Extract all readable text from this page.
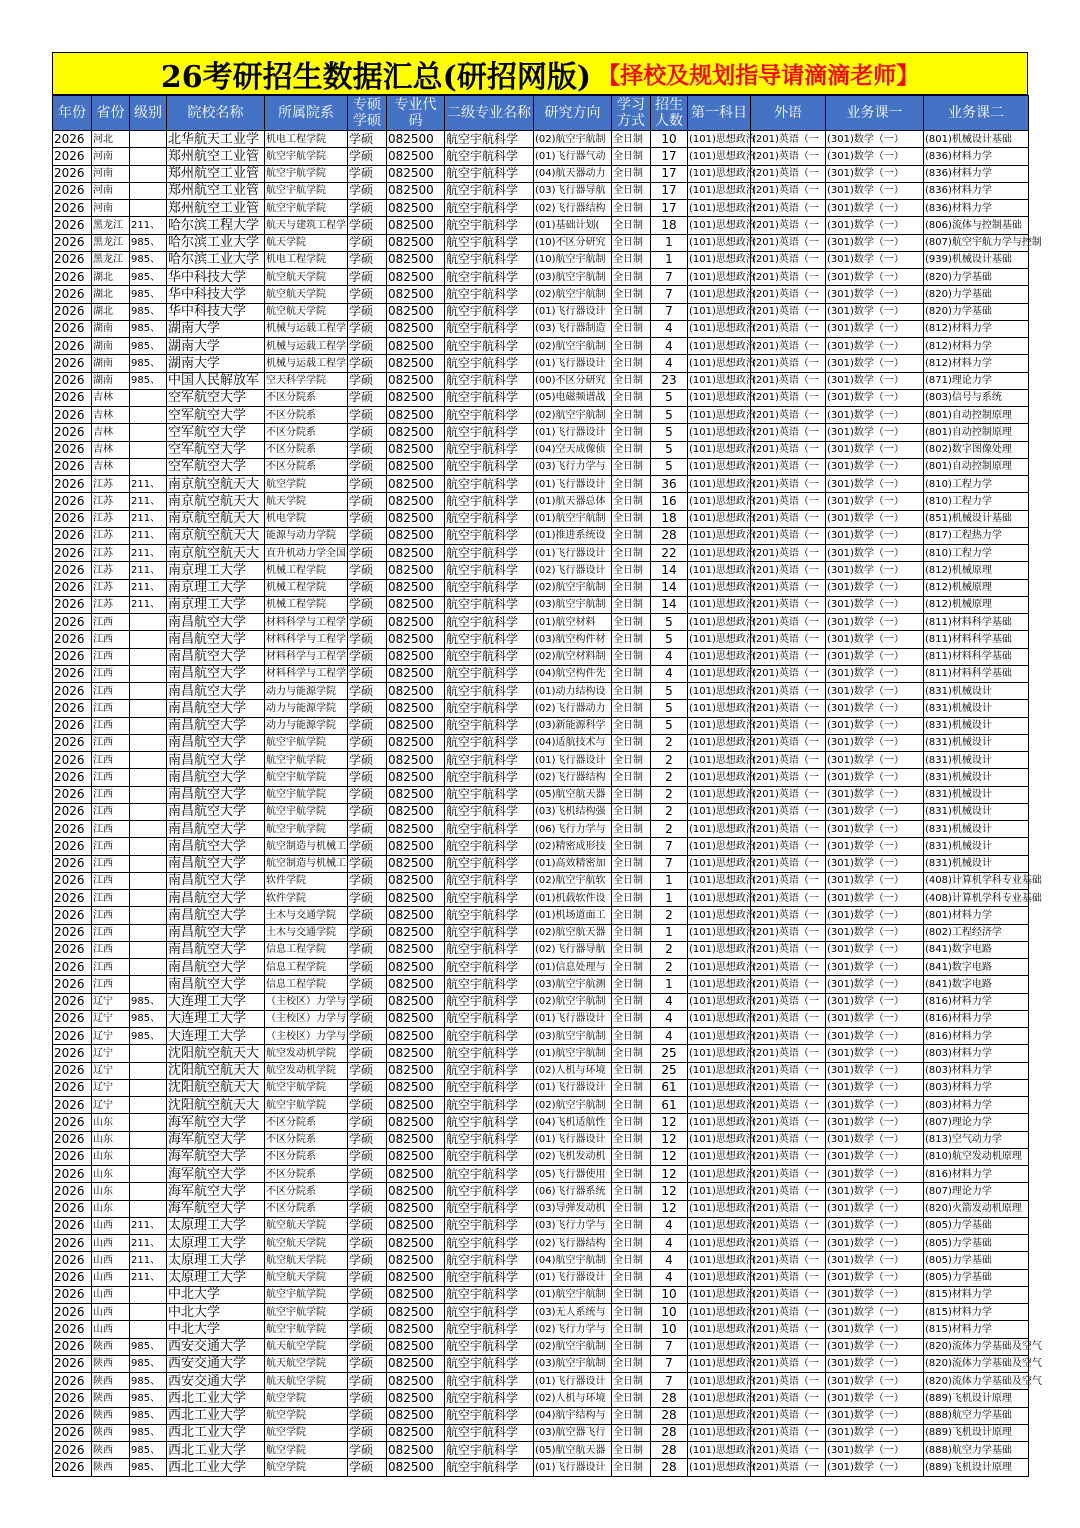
26考研招生数据汇总(研招网版) 【择校及规划指导请滴滴老师】
年份	省份	级别	院校名称	所属院系	专硕学硕	专业代码	二级专业名称	研究方向	学习方式	招生人数	第一科目	外语	业务课一	业务课二
2026	河北		北华航天工业学	机电工程学院	学硕	082500	航空宇航科学	(02)航空宇航制	全日制	10	(101)思想政治	(201)英语（一	(301)数学（一）	(801)机械设计基础
2026	河南		郑州航空工业管	航空宇航学院	学硕	082500	航空宇航科学	(01)飞行器气动	全日制	17	(101)思想政治	(201)英语（一	(301)数学（一）	(836)材料力学
2026	河南		郑州航空工业管	航空宇航学院	学硕	082500	航空宇航科学	(04)航天器动力	全日制	17	(101)思想政治	(201)英语（一	(301)数学（一）	(836)材料力学
2026	河南		郑州航空工业管	航空宇航学院	学硕	082500	航空宇航科学	(03)飞行器导航	全日制	17	(101)思想政治	(201)英语（一	(301)数学（一）	(836)材料力学
2026	河南		郑州航空工业管	航空宇航学院	学硕	082500	航空宇航科学	(02)飞行器结构	全日制	17	(101)思想政治	(201)英语（一	(301)数学（一）	(836)材料力学
2026	黑龙江	211、	哈尔滨工程大学	航天与建筑工程学	学硕	082500	航空宇航科学	(01)基础计划(	全日制	18	(101)思想政治	(201)英语（一	(301)数学（一）	(806)流体与控制基础
2026	黑龙江	985、	哈尔滨工业大学	航天学院	学硕	082500	航空宇航科学	(10)不区分研究	全日制	1	(101)思想政治	(201)英语（一	(301)数学（一）	(807)航空宇航力学与控制
2026	黑龙江	985、	哈尔滨工业大学	机电工程学院	学硕	082500	航空宇航科学	(10)航空宇航制	全日制	1	(101)思想政治	(201)英语（一	(301)数学（一）	(939)机械设计基础
2026	湖北	985、	华中科技大学	航空航天学院	学硕	082500	航空宇航科学	(03)航空宇航制	全日制	7	(101)思想政治	(201)英语（一	(301)数学（一）	(820)力学基础
2026	湖北	985、	华中科技大学	航空航天学院	学硕	082500	航空宇航科学	(02)航空宇航制	全日制	7	(101)思想政治	(201)英语（一	(301)数学（一）	(820)力学基础
2026	湖北	985、	华中科技大学	航空航天学院	学硕	082500	航空宇航科学	(01)飞行器设计	全日制	7	(101)思想政治	(201)英语（一	(301)数学（一）	(820)力学基础
2026	湖南	985、	湖南大学	机械与运载工程学	学硕	082500	航空宇航科学	(03)飞行器制造	全日制	4	(101)思想政治	(201)英语（一	(301)数学（一）	(812)材料力学
2026	湖南	985、	湖南大学	机械与运载工程学	学硕	082500	航空宇航科学	(02)航空宇航制	全日制	4	(101)思想政治	(201)英语（一	(301)数学（一）	(812)材料力学
2026	湖南	985、	湖南大学	机械与运载工程学	学硕	082500	航空宇航科学	(01)飞行器设计	全日制	4	(101)思想政治	(201)英语（一	(301)数学（一）	(812)材料力学
2026	湖南	985、	中国人民解放军	空天科学学院	学硕	082500	航空宇航科学	(00)不区分研究	全日制	23	(101)思想政治	(201)英语（一	(301)数学（一）	(871)理论力学
2026	吉林		空军航空大学	不区分院系	学硕	082500	航空宇航科学	(05)电磁频谱战	全日制	5	(101)思想政治	(201)英语（一	(301)数学（一）	(803)信号与系统
2026	吉林		空军航空大学	不区分院系	学硕	082500	航空宇航科学	(02)航空宇航制	全日制	5	(101)思想政治	(201)英语（一	(301)数学（一）	(801)自动控制原理
2026	吉林		空军航空大学	不区分院系	学硕	082500	航空宇航科学	(01)飞行器设计	全日制	5	(101)思想政治	(201)英语（一	(301)数学（一）	(801)自动控制原理
2026	吉林		空军航空大学	不区分院系	学硕	082500	航空宇航科学	(04)空天成像侦	全日制	5	(101)思想政治	(201)英语（一	(301)数学（一）	(802)数字图像处理
2026	吉林		空军航空大学	不区分院系	学硕	082500	航空宇航科学	(03)飞行力学与	全日制	5	(101)思想政治	(201)英语（一	(301)数学（一）	(801)自动控制原理
2026	江苏	211、	南京航空航天大	航空学院	学硕	082500	航空宇航科学	(01)飞行器设计	全日制	36	(101)思想政治	(201)英语（一	(301)数学（一）	(810)工程力学
2026	江苏	211、	南京航空航天大	航天学院	学硕	082500	航空宇航科学	(01)航天器总体	全日制	16	(101)思想政治	(201)英语（一	(301)数学（一）	(810)工程力学
2026	江苏	211、	南京航空航天大	机电学院	学硕	082500	航空宇航科学	(01)航空宇航制	全日制	18	(101)思想政治	(201)英语（一	(301)数学（一）	(851)机械设计基础
2026	江苏	211、	南京航空航天大	能源与动力学院	学硕	082500	航空宇航科学	(01)推进系统设	全日制	28	(101)思想政治	(201)英语（一	(301)数学（一）	(817)工程热力学
2026	江苏	211、	南京航空航天大	直升机动力学全国	学硕	082500	航空宇航科学	(01)飞行器设计	全日制	22	(101)思想政治	(201)英语（一	(301)数学（一）	(810)工程力学
2026	江苏	211、	南京理工大学	机械工程学院	学硕	082500	航空宇航科学	(02)飞行器设计	全日制	14	(101)思想政治	(201)英语（一	(301)数学（一）	(812)机械原理
2026	江苏	211、	南京理工大学	机械工程学院	学硕	082500	航空宇航科学	(02)航空宇航制	全日制	14	(101)思想政治	(201)英语（一	(301)数学（一）	(812)机械原理
2026	江苏	211、	南京理工大学	机械工程学院	学硕	082500	航空宇航科学	(03)航空宇航制	全日制	14	(101)思想政治	(201)英语（一	(301)数学（一）	(812)机械原理
2026	江西		南昌航空大学	材料科学与工程学	学硕	082500	航空宇航科学	(01)航空材料	全日制	5	(101)思想政治	(201)英语（一	(301)数学（一）	(811)材料科学基础
2026	江西		南昌航空大学	材料科学与工程学	学硕	082500	航空宇航科学	(03)航空构件材	全日制	5	(101)思想政治	(201)英语（一	(301)数学（一）	(811)材料科学基础
2026	江西		南昌航空大学	材料科学与工程学	学硕	082500	航空宇航科学	(02)航空材料制	全日制	4	(101)思想政治	(201)英语（一	(301)数学（一）	(811)材料科学基础
2026	江西		南昌航空大学	材料科学与工程学	学硕	082500	航空宇航科学	(04)航空构件先	全日制	4	(101)思想政治	(201)英语（一	(301)数学（一）	(811)材料科学基础
2026	江西		南昌航空大学	动力与能源学院	学硕	082500	航空宇航科学	(01)动力结构设	全日制	5	(101)思想政治	(201)英语（一	(301)数学（一）	(831)机械设计
2026	江西		南昌航空大学	动力与能源学院	学硕	082500	航空宇航科学	(02)飞行器动力	全日制	5	(101)思想政治	(201)英语（一	(301)数学（一）	(831)机械设计
2026	江西		南昌航空大学	动力与能源学院	学硕	082500	航空宇航科学	(03)新能源科学	全日制	5	(101)思想政治	(201)英语（一	(301)数学（一）	(831)机械设计
2026	江西		南昌航空大学	航空宇航学院	学硕	082500	航空宇航科学	(04)适航技术与	全日制	2	(101)思想政治	(201)英语（一	(301)数学（一）	(831)机械设计
2026	江西		南昌航空大学	航空宇航学院	学硕	082500	航空宇航科学	(01)飞行器设计	全日制	2	(101)思想政治	(201)英语（一	(301)数学（一）	(831)机械设计
2026	江西		南昌航空大学	航空宇航学院	学硕	082500	航空宇航科学	(02)飞行器结构	全日制	2	(101)思想政治	(201)英语（一	(301)数学（一）	(831)机械设计
2026	江西		南昌航空大学	航空宇航学院	学硕	082500	航空宇航科学	(05)航空航天器	全日制	2	(101)思想政治	(201)英语（一	(301)数学（一）	(831)机械设计
2026	江西		南昌航空大学	航空宇航学院	学硕	082500	航空宇航科学	(03)飞机结构强	全日制	2	(101)思想政治	(201)英语（一	(301)数学（一）	(831)机械设计
2026	江西		南昌航空大学	航空宇航学院	学硕	082500	航空宇航科学	(06)飞行力学与	全日制	2	(101)思想政治	(201)英语（一	(301)数学（一）	(831)机械设计
2026	江西		南昌航空大学	航空制造与机械工	学硕	082500	航空宇航科学	(02)精密成形技	全日制	7	(101)思想政治	(201)英语（一	(301)数学（一）	(831)机械设计
2026	江西		南昌航空大学	航空制造与机械工	学硕	082500	航空宇航科学	(01)高效精密加	全日制	7	(101)思想政治	(201)英语（一	(301)数学（一）	(831)机械设计
2026	江西		南昌航空大学	软件学院	学硕	082500	航空宇航科学	(02)航空宇航软	全日制	1	(101)思想政治	(201)英语（一	(301)数学（一）	(408)计算机学科专业基础
2026	江西		南昌航空大学	软件学院	学硕	082500	航空宇航科学	(01)机载软件设	全日制	1	(101)思想政治	(201)英语（一	(301)数学（一）	(408)计算机学科专业基础
2026	江西		南昌航空大学	土木与交通学院	学硕	082500	航空宇航科学	(01)机场道面工	全日制	2	(101)思想政治	(201)英语（一	(301)数学（一）	(801)材料力学
2026	江西		南昌航空大学	土木与交通学院	学硕	082500	航空宇航科学	(02)航空航天器	全日制	1	(101)思想政治	(201)英语（一	(301)数学（一）	(802)工程经济学
2026	江西		南昌航空大学	信息工程学院	学硕	082500	航空宇航科学	(02)飞行器导航	全日制	2	(101)思想政治	(201)英语（一	(301)数学（一）	(841)数字电路
2026	江西		南昌航空大学	信息工程学院	学硕	082500	航空宇航科学	(01)信息处理与	全日制	2	(101)思想政治	(201)英语（一	(301)数学（一）	(841)数字电路
2026	江西		南昌航空大学	信息工程学院	学硕	082500	航空宇航科学	(03)航空宇航测	全日制	1	(101)思想政治	(201)英语（一	(301)数学（一）	(841)数字电路
2026	辽宁	985、	大连理工大学	（主校区）力学与	学硕	082500	航空宇航科学	(02)航空宇航制	全日制	4	(101)思想政治	(201)英语（一	(301)数学（一）	(816)材料力学
2026	辽宁	985、	大连理工大学	（主校区）力学与	学硕	082500	航空宇航科学	(01)飞行器设计	全日制	4	(101)思想政治	(201)英语（一	(301)数学（一）	(816)材料力学
2026	辽宁	985、	大连理工大学	（主校区）力学与	学硕	082500	航空宇航科学	(03)航空宇航制	全日制	4	(101)思想政治	(201)英语（一	(301)数学（一）	(816)材料力学
2026	辽宁		沈阳航空航天大	航空发动机学院	学硕	082500	航空宇航科学	(01)航空宇航制	全日制	25	(101)思想政治	(201)英语（一	(301)数学（一）	(803)材料力学
2026	辽宁		沈阳航空航天大	航空发动机学院	学硕	082500	航空宇航科学	(02)人机与环境	全日制	25	(101)思想政治	(201)英语（一	(301)数学（一）	(803)材料力学
2026	辽宁		沈阳航空航天大	航空宇航学院	学硕	082500	航空宇航科学	(01)飞行器设计	全日制	61	(101)思想政治	(201)英语（一	(301)数学（一）	(803)材料力学
2026	辽宁		沈阳航空航天大	航空宇航学院	学硕	082500	航空宇航科学	(02)航空宇航制	全日制	61	(101)思想政治	(201)英语（一	(301)数学（一）	(803)材料力学
2026	山东		海军航空大学	不区分院系	学硕	082500	航空宇航科学	(04)飞机适航性	全日制	12	(101)思想政治	(201)英语（一	(301)数学（一）	(807)理论力学
2026	山东		海军航空大学	不区分院系	学硕	082500	航空宇航科学	(01)飞行器设计	全日制	12	(101)思想政治	(201)英语（一	(301)数学（一）	(813)空气动力学
2026	山东		海军航空大学	不区分院系	学硕	082500	航空宇航科学	(02)飞机发动机	全日制	12	(101)思想政治	(201)英语（一	(301)数学（一）	(810)航空发动机原理
2026	山东		海军航空大学	不区分院系	学硕	082500	航空宇航科学	(05)飞行器使用	全日制	12	(101)思想政治	(201)英语（一	(301)数学（一）	(816)材料力学
2026	山东		海军航空大学	不区分院系	学硕	082500	航空宇航科学	(06)飞行器系统	全日制	12	(101)思想政治	(201)英语（一	(301)数学（一）	(807)理论力学
2026	山东		海军航空大学	不区分院系	学硕	082500	航空宇航科学	(03)导弹发动机	全日制	12	(101)思想政治	(201)英语（一	(301)数学（一）	(820)火箭发动机原理
2026	山西	211、	太原理工大学	航空航天学院	学硕	082500	航空宇航科学	(03)飞行力学与	全日制	4	(101)思想政治	(201)英语（一	(301)数学（一）	(805)力学基础
2026	山西	211、	太原理工大学	航空航天学院	学硕	082500	航空宇航科学	(02)飞行器结构	全日制	4	(101)思想政治	(201)英语（一	(301)数学（一）	(805)力学基础
2026	山西	211、	太原理工大学	航空航天学院	学硕	082500	航空宇航科学	(04)航空宇航制	全日制	4	(101)思想政治	(201)英语（一	(301)数学（一）	(805)力学基础
2026	山西	211、	太原理工大学	航空航天学院	学硕	082500	航空宇航科学	(01)飞行器设计	全日制	4	(101)思想政治	(201)英语（一	(301)数学（一）	(805)力学基础
2026	山西		中北大学	航空宇航学院	学硕	082500	航空宇航科学	(01)航空宇航制	全日制	10	(101)思想政治	(201)英语（一	(301)数学（一）	(815)材料力学
2026	山西		中北大学	航空宇航学院	学硕	082500	航空宇航科学	(03)无人系统与	全日制	10	(101)思想政治	(201)英语（一	(301)数学（一）	(815)材料力学
2026	山西		中北大学	航空宇航学院	学硕	082500	航空宇航科学	(02)飞行力学与	全日制	10	(101)思想政治	(201)英语（一	(301)数学（一）	(815)材料力学
2026	陕西	985、	西安交通大学	航天航空学院	学硕	082500	航空宇航科学	(02)航空宇航制	全日制	7	(101)思想政治	(201)英语（一	(301)数学（一）	(820)流体力学基础及空气
2026	陕西	985、	西安交通大学	航天航空学院	学硕	082500	航空宇航科学	(03)航空宇航制	全日制	7	(101)思想政治	(201)英语（一	(301)数学（一）	(820)流体力学基础及空气
2026	陕西	985、	西安交通大学	航天航空学院	学硕	082500	航空宇航科学	(01)飞行器设计	全日制	7	(101)思想政治	(201)英语（一	(301)数学（一）	(820)流体力学基础及空气
2026	陕西	985、	西北工业大学	航空学院	学硕	082500	航空宇航科学	(02)人机与环境	全日制	28	(101)思想政治	(201)英语（一	(301)数学（一）	(889)飞机设计原理
2026	陕西	985、	西北工业大学	航空学院	学硕	082500	航空宇航科学	(04)航宇结构与	全日制	28	(101)思想政治	(201)英语（一	(301)数学（一）	(888)航空力学基础
2026	陕西	985、	西北工业大学	航空学院	学硕	082500	航空宇航科学	(03)航空器飞行	全日制	28	(101)思想政治	(201)英语（一	(301)数学（一）	(889)飞机设计原理
2026	陕西	985、	西北工业大学	航空学院	学硕	082500	航空宇航科学	(05)航空航天器	全日制	28	(101)思想政治	(201)英语（一	(301)数学（一）	(888)航空力学基础
2026	陕西	985、	西北工业大学	航空学院	学硕	082500	航空宇航科学	(01)飞行器设计	全日制	28	(101)思想政治	(201)英语（一	(301)数学（一）	(889)飞机设计原理
